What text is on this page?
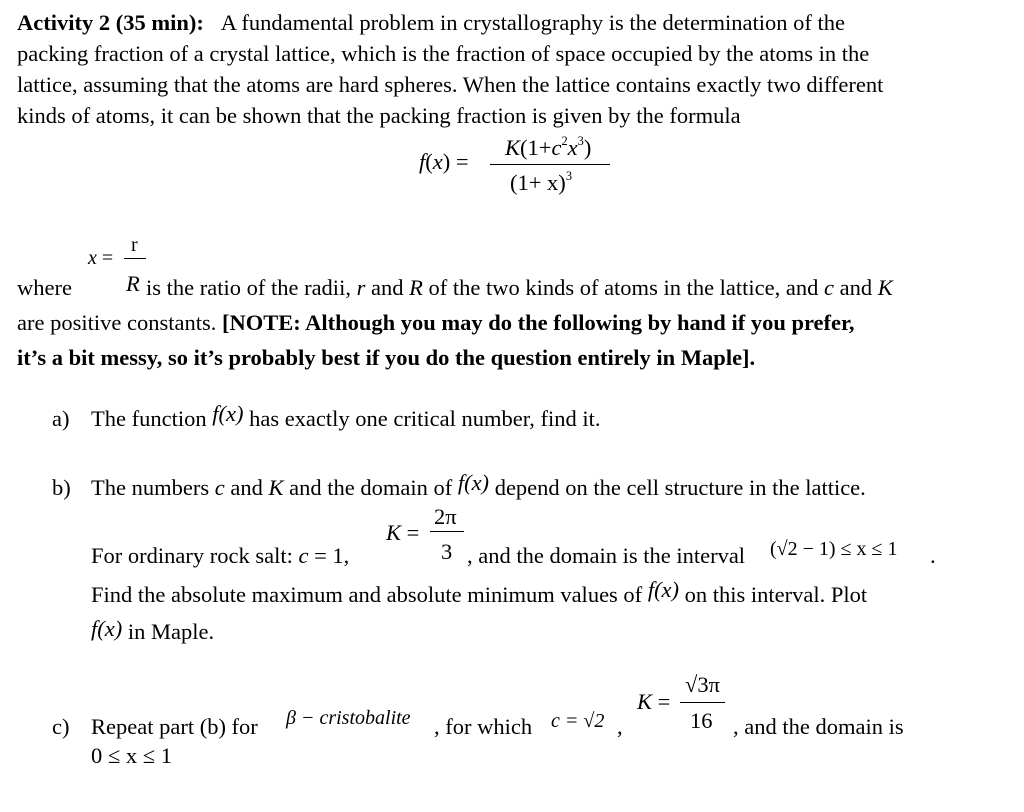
Activity 2 (35 min): A fundamental problem in crystallography is the determination of the
packing fraction of a crystal lattice, which is the fraction of space occupied by the atoms in the
lattice, assuming that the atoms are hard spheres. When the lattice contains exactly two different
kinds of atoms, it can be shown that the packing fraction is given by the formula
f(x) =
$K(1+c^2x^3)$
$(1+ x)^3$
x =
r
R
where	is the ratio of the radii, r and R of the two kinds of atoms in the lattice, and c and K
are positive constants. [NOTE: Although you may do the following by hand if you prefer,
it’s a bit messy, so it’s probably best if you do the question entirely in Maple].
a) The function f(x) has exactly one critical number, find it.
b) The numbers c and K and the domain of f(x) depend on the cell structure in the lattice.
For ordinary rock salt: c = 1,
K =
2π
3 , and the domain is the interval (√2 − 1) ≤ x ≤ 1 .
Find the absolute maximum and absolute minimum values of f(x) on this interval. Plot
f(x) in Maple.
c) Repeat part (b) for β − cristobalite , for which c = √2 ,
K =
√3π
16 , and the domain is
0 ≤ x ≤ 1
